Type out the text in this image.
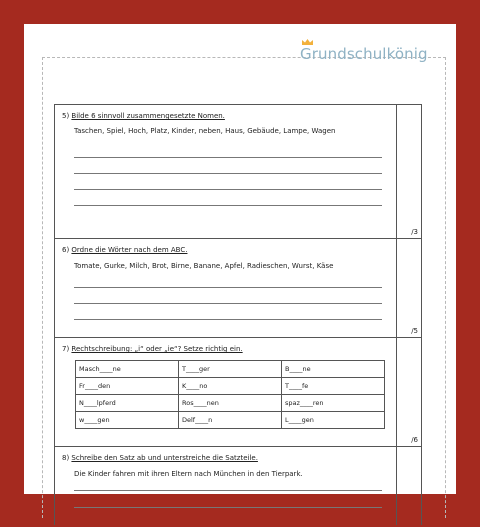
Grundschulkönig
5) Bilde 6 sinnvoll zusammengesetzte Nomen.
Taschen, Spiel, Hoch, Platz, Kinder, neben, Haus, Gebäude, Lampe, Wagen
/3
6) Ordne die Wörter nach dem ABC.
Tomate, Gurke, Milch, Brot, Birne, Banane, Apfel, Radieschen, Wurst, Käse
/5
7) Rechtschreibung: „i“ oder „ie“? Setze richtig ein.
Masch____ne	T____ger	B____ne
Fr____den	K____no	T____fe
N____lpferd	Ros____nen	spaz____ren
w____gen	Delf____n	L____gen
/6
8) Schreibe den Satz ab und unterstreiche die Satzteile.
Die Kinder fahren mit ihren Eltern nach München in den Tierpark.
